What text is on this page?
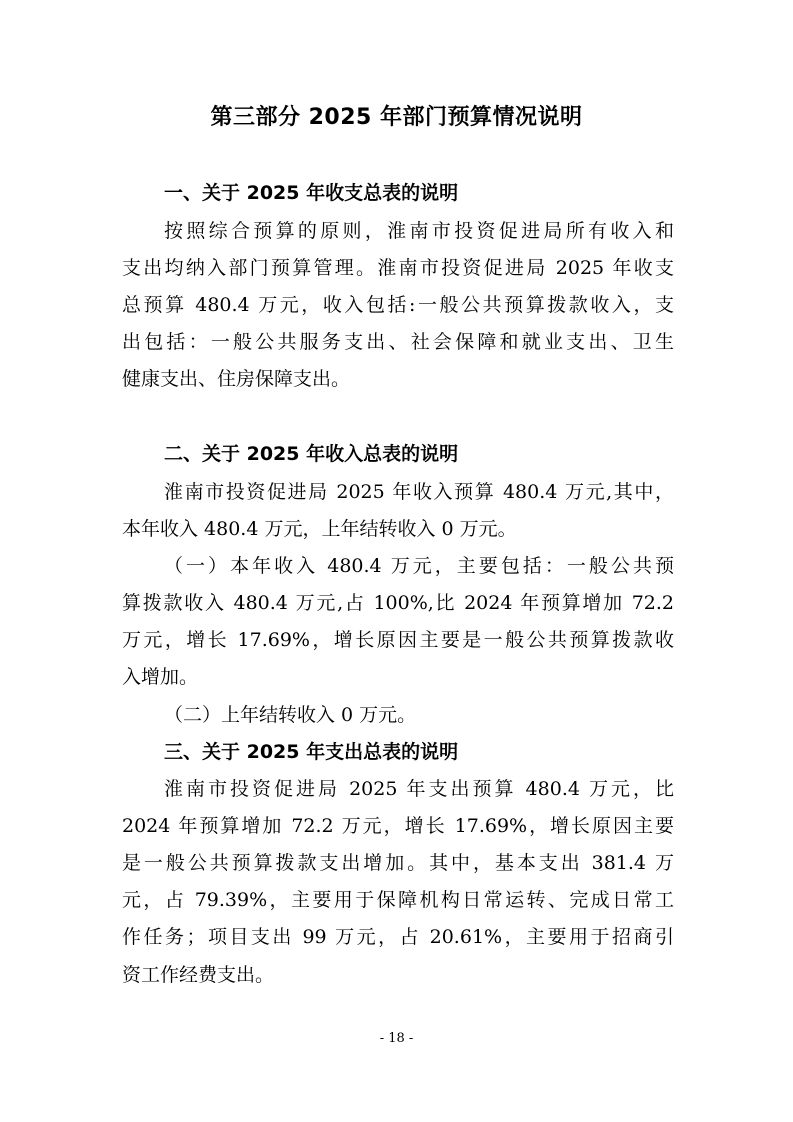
第三部分 2025 年部门预算情况说明

一、关于 2025 年收支总表的说明

按照综合预算的原则，淮南市投资促进局所有收入和

支出均纳入部门预算管理。淮南市投资促进局 2025 年收支

总预算 480.4 万元，收入包括:一般公共预算拨款收入，支

出包括：一般公共服务支出、社会保障和就业支出、卫生

健康支出、住房保障支出。

二、关于 2025 年收入总表的说明

淮南市投资促进局 2025 年收入预算 480.4 万元,其中，

本年收入 480.4 万元，上年结转收入 0 万元。

（一）本年收入 480.4 万元，主要包括：一般公共预

算拨款收入 480.4 万元,占 100%,比 2024 年预算增加 72.2

万元，增长 17.69%，增长原因主要是一般公共预算拨款收

入增加。

（二）上年结转收入 0 万元。

三、关于 2025 年支出总表的说明

淮南市投资促进局 2025 年支出预算 480.4 万元，比

2024 年预算增加 72.2 万元，增长 17.69%，增长原因主要

是一般公共预算拨款支出增加。其中，基本支出 381.4 万

元，占 79.39%，主要用于保障机构日常运转、完成日常工

作任务；项目支出 99 万元，占 20.61%，主要用于招商引

资工作经费支出。

- 18 -
